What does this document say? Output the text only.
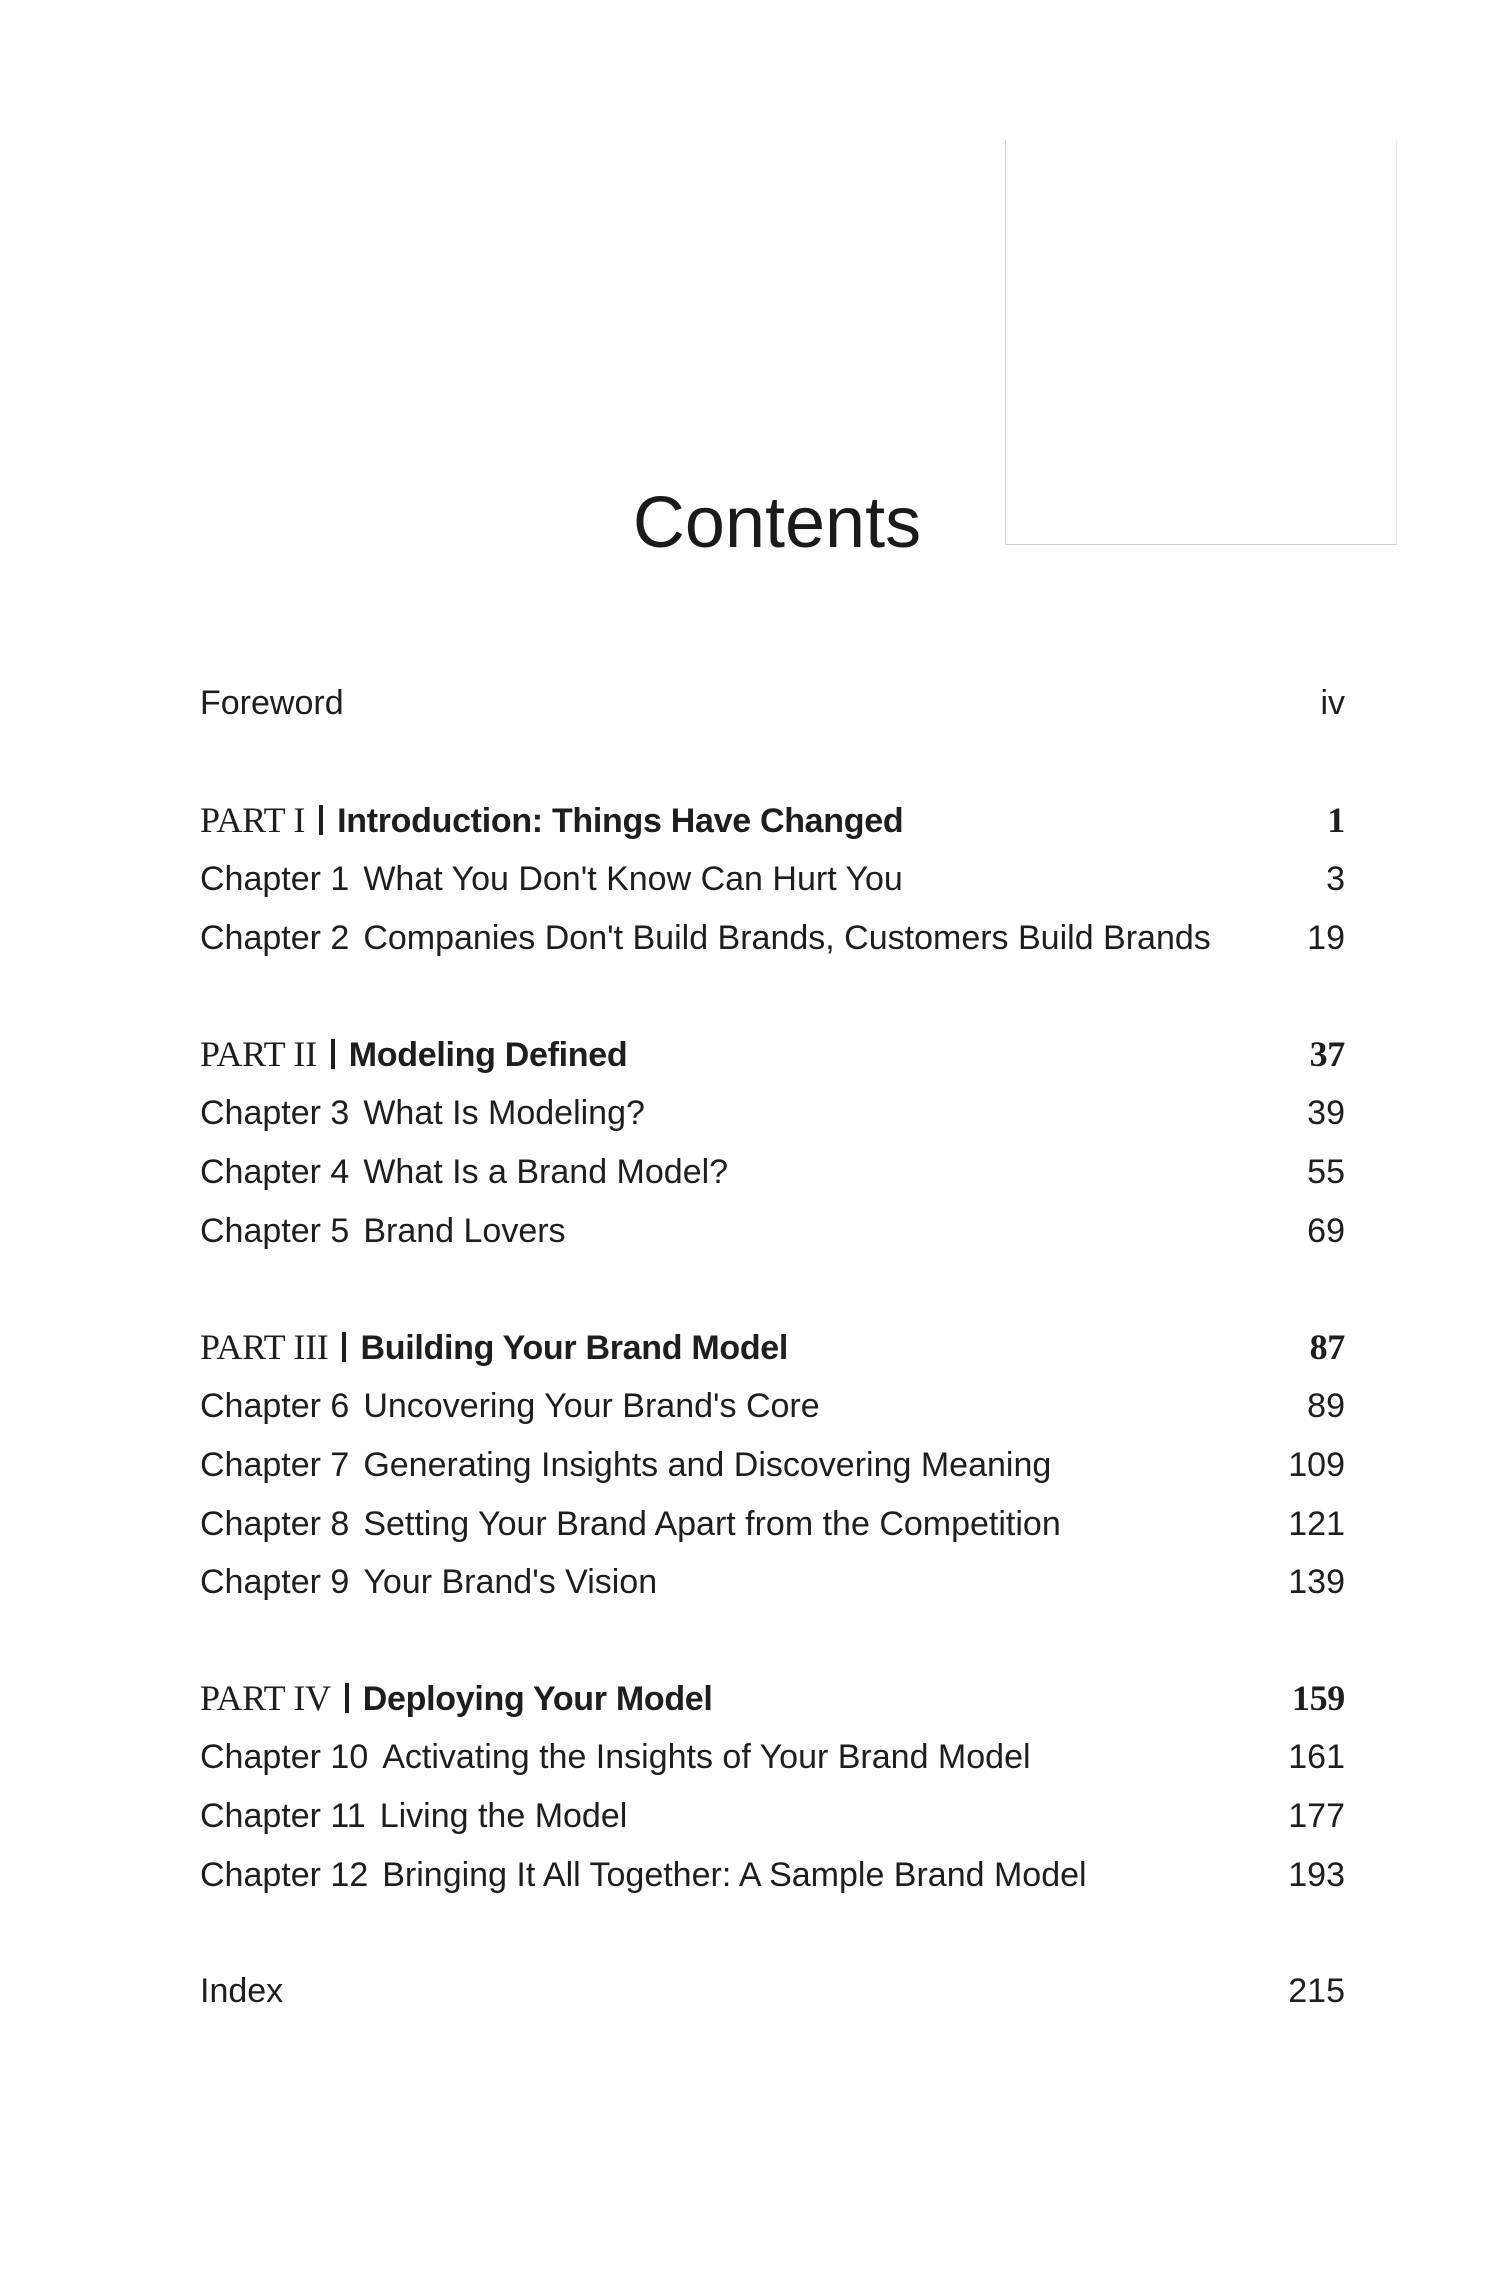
Contents
Foreword	iv
PART I Introduction: Things Have Changed	1
Chapter 1 What You Don't Know Can Hurt You	3
Chapter 2 Companies Don't Build Brands, Customers Build Brands	19
PART II Modeling Defined	37
Chapter 3 What Is Modeling?	39
Chapter 4 What Is a Brand Model?	55
Chapter 5 Brand Lovers	69
PART III Building Your Brand Model	87
Chapter 6 Uncovering Your Brand's Core	89
Chapter 7 Generating Insights and Discovering Meaning	109
Chapter 8 Setting Your Brand Apart from the Competition	121
Chapter 9 Your Brand's Vision	139
PART IV Deploying Your Model	159
Chapter 10 Activating the Insights of Your Brand Model	161
Chapter 11 Living the Model	177
Chapter 12 Bringing It All Together: A Sample Brand Model	193
Index	215
